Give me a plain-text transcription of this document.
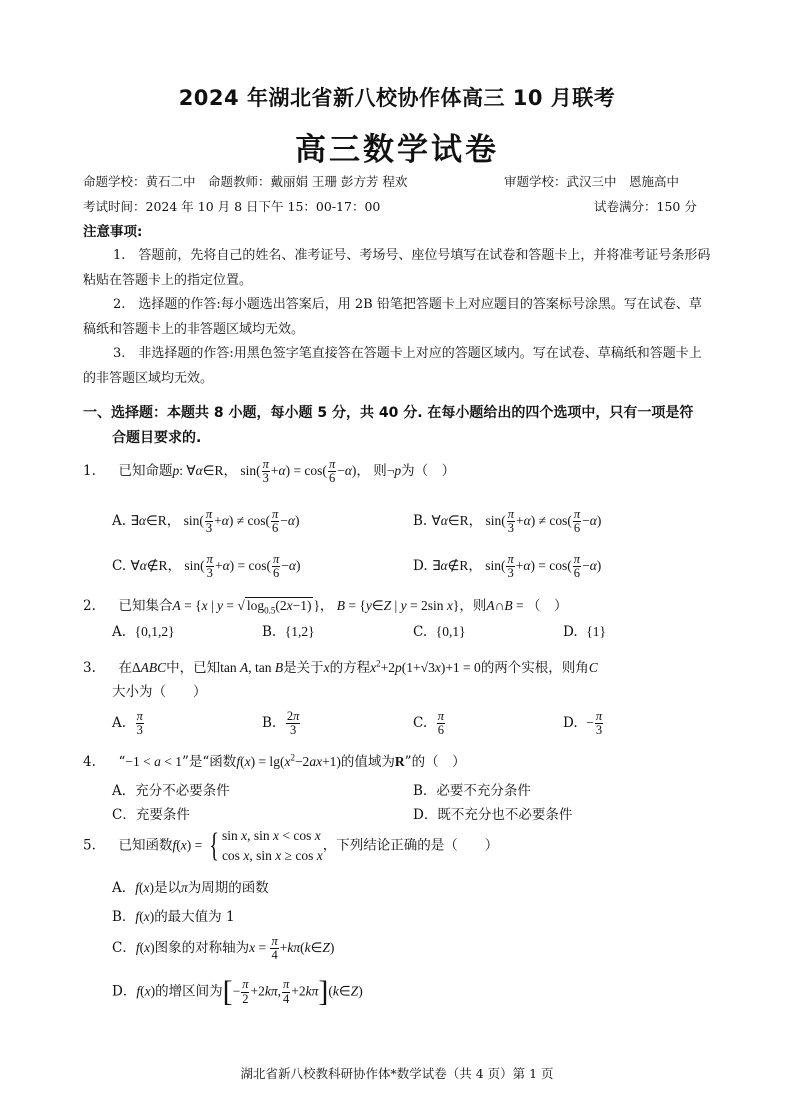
2024 年湖北省新八校协作体高三 10 月联考
高三数学试卷
命题学校：黄石二中　命题教师：戴丽娟 王珊 彭方芳 程欢	审题学校：武汉三中　恩施高中
考试时间：2024 年 10 月 8 日下午 15：00-17：00	试卷满分：150 分
注意事项:
1.　答题前，先将自己的姓名、准考证号、考场号、座位号填写在试卷和答题卡上，并将准考证号条形码粘贴在答题卡上的指定位置。
2.　选择题的作答:每小题选出答案后，用 2B 铅笔把答题卡上对应题目的答案标号涂黑。写在试卷、草稿纸和答题卡上的非答题区域均无效。
3.　非选择题的作答:用黑色签字笔直接答在答题卡上对应的答题区域内。写在试卷、草稿纸和答题卡上的非答题区域均无效。
一、选择题：本题共 8 小题，每小题 5 分，共 40 分. 在每小题给出的四个选项中，只有一项是符
合题目要求的.
1. 已知命题p: ∀α∈R， $\sin( \frac{\pi}{3} +\alpha) = \cos( \frac{\pi}{6} -\alpha)$， 则¬p为（　）
A. ∃α∈R， $\sin( \frac{\pi}{3} +\alpha) \ne \cos( \frac{\pi}{6} -\alpha)$	B. ∀α∈R， $\sin( \frac{\pi}{3} +\alpha) \ne \cos( \frac{\pi}{6} -\alpha)$
C. ∀α∉R， $\sin( \frac{\pi}{3} +\alpha) = \cos( \frac{\pi}{6} -\alpha)$	D. ∃α∉R， $\sin( \frac{\pi}{3} +\alpha) = \cos( \frac{\pi}{6} -\alpha)$
2. 已知集合A = {x | y = √ $\log_{0.5}(2x-1)$ }， B = {y∈Z | y = 2sin x}，则A∩B = （　）
A. {0,1,2}	B. {1,2}	C. {0,1}	D. {1}
3. 在ΔABC中，已知tan A, tan B是关于x的方程$x^2+2p(1+√3x)+1 = 0$的两个实根，则角C
大小为（　　）
A. $\frac{\pi}{3}$	B. $\frac{2\pi}{3}$	C. $\frac{\pi}{6}$	D. − $\frac{\pi}{3}$
4. “−1 < a < 1”是“函数$f(x) = \lg(x^2-2ax+1)$的值域为R”的（　）
A．充分不必要条件	B．必要不充分条件
C．充要条件	D．既不充分也不必要条件
5. 已知函数f(x) = { sin x, sin x < cos x
cos x, sin x ≥ cos x
，下列结论正确的是（　　）
A．f(x)是以π为周期的函数
B．f(x)的最大值为 1
C．f(x)图象的对称轴为$x = \frac{\pi}{4}$ +kπ(k∈Z)
D．f(x)的增区间为[− $\frac{\pi}{2} +2k\pi$, $\frac{\pi}{4}$ +2kπ](k∈Z)
湖北省新八校教科研协作体*数学试卷（共 4 页）第 1 页
